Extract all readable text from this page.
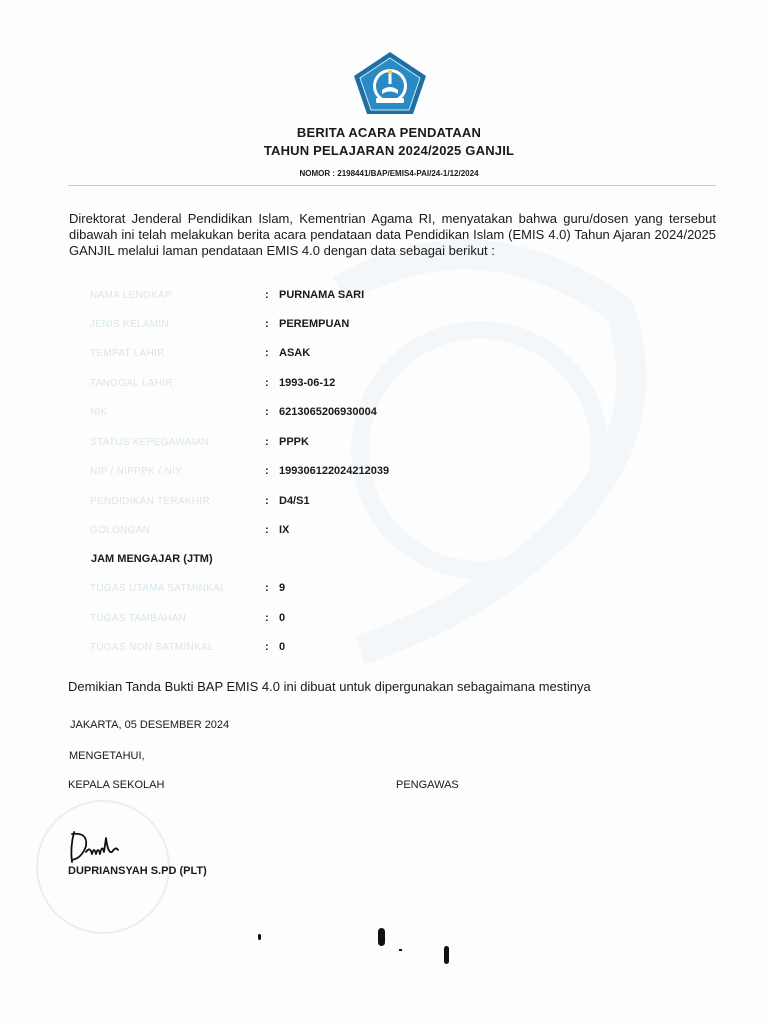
BERITA ACARA PENDATAAN
TAHUN PELAJARAN 2024/2025 GANJIL
NOMOR : 2198441/BAP/EMIS4-PAI/24-1/12/2024
Direktorat Jenderal Pendidikan Islam, Kementrian Agama RI, menyatakan bahwa guru/dosen yang tersebut dibawah ini telah melakukan berita acara pendataan data Pendidikan Islam (EMIS 4.0) Tahun Ajaran 2024/2025 GANJIL melalui laman pendataan EMIS 4.0 dengan data sebagai berikut :
NAMA LENGKAP	: PURNAMA SARI
JENIS KELAMIN	: PEREMPUAN
TEMPAT LAHIR	: ASAK
TANGGAL LAHIR	: 1993-06-12
NIK	: 6213065206930004
STATUS KEPEGAWAIAN	: PPPK
NIP / NIPPPK / NIY	: 199306122024212039
PENDIDIKAN TERAKHIR	: D4/S1
GOLONGAN	: IX
JAM MENGAJAR (JTM)
TUGAS UTAMA SATMINKAL	: 9
TUGAS TAMBAHAN	: 0
TUGAS NON SATMINKAL	: 0
Demikian Tanda Bukti BAP EMIS 4.0 ini dibuat untuk dipergunakan sebagaimana mestinya
JAKARTA, 05 DESEMBER 2024
MENGETAHUI,
KEPALA SEKOLAH	PENGAWAS
DUPRIANSYAH S.PD (PLT)
